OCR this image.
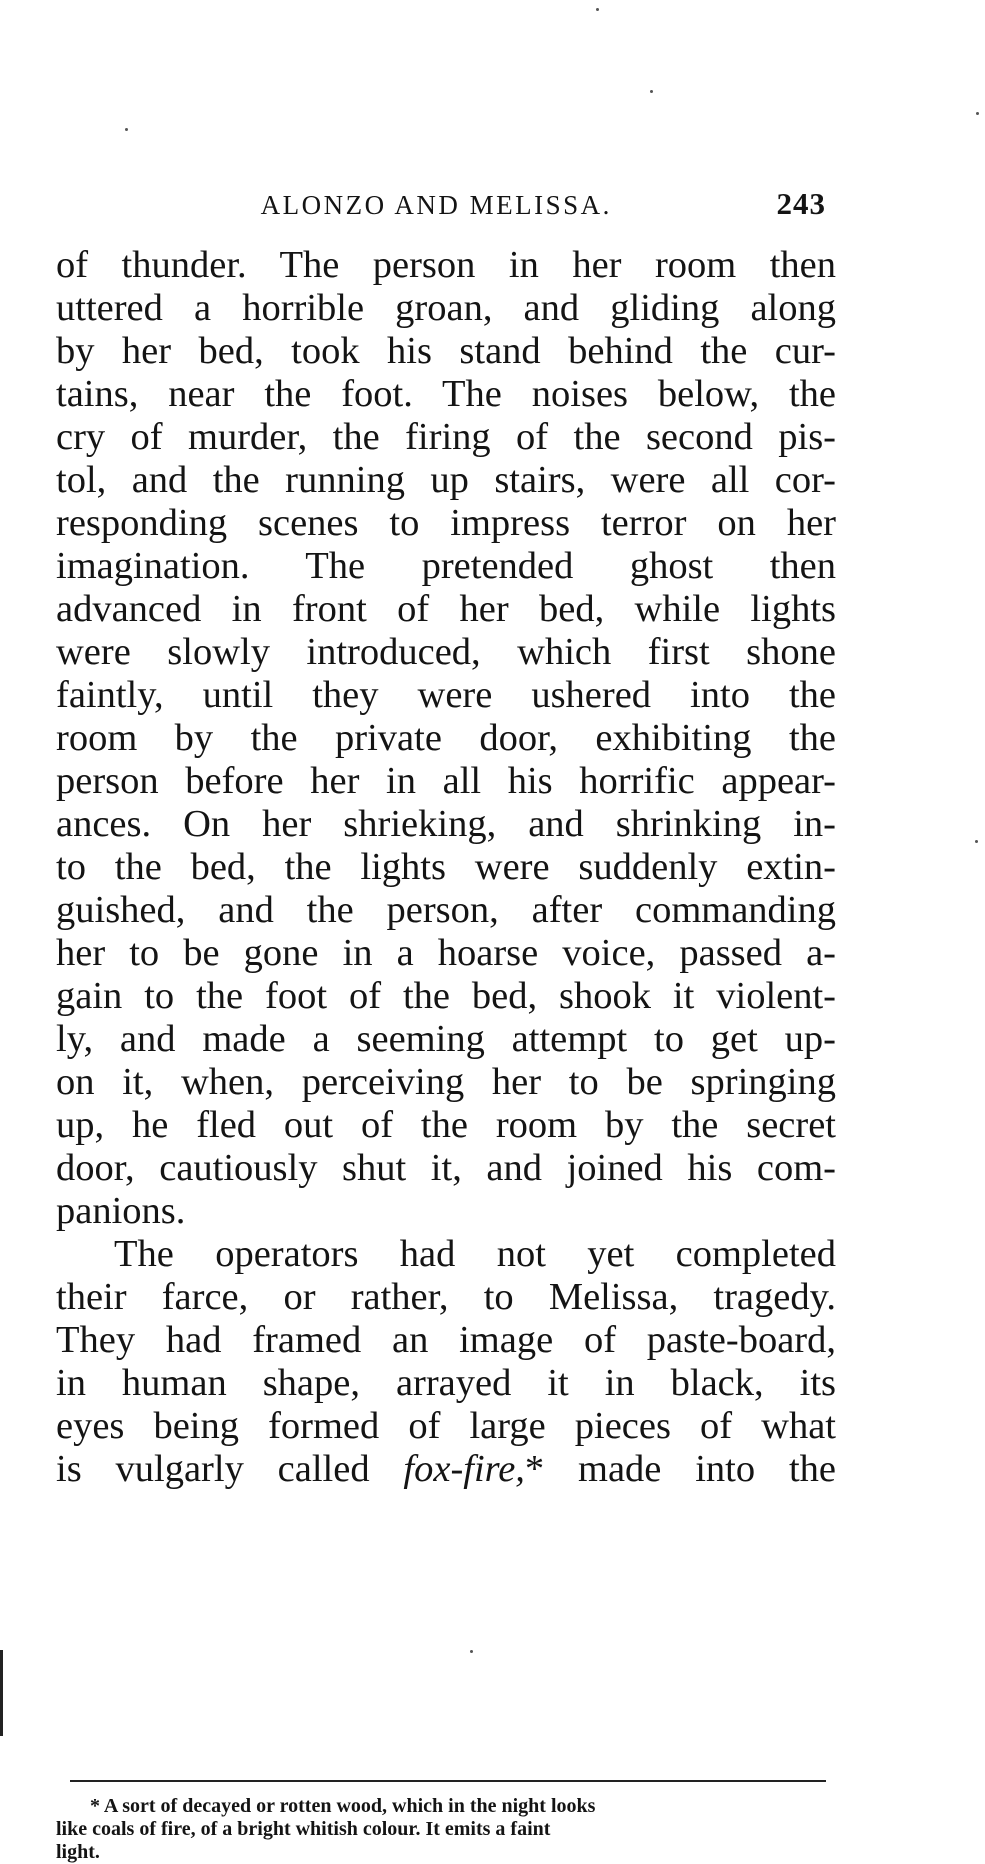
ALONZO AND MELISSA.	243
of thunder. The person in her room then
uttered a horrible groan, and gliding along
by her bed, took his stand behind the cur-
tains, near the foot. The noises below, the
cry of murder, the firing of the second pis-
tol, and the running up stairs, were all cor-
responding scenes to impress terror on her
imagination. The pretended ghost then
advanced in front of her bed, while lights
were slowly introduced, which first shone
faintly, until they were ushered into the
room by the private door, exhibiting the
person before her in all his horrific appear-
ances. On her shrieking, and shrinking in-
to the bed, the lights were suddenly extin-
guished, and the person, after commanding
her to be gone in a hoarse voice, passed a-
gain to the foot of the bed, shook it violent-
ly, and made a seeming attempt to get up-
on it, when, perceiving her to be springing
up, he fled out of the room by the secret
door, cautiously shut it, and joined his com-
panions.
The operators had not yet completed
their farce, or rather, to Melissa, tragedy.
They had framed an image of paste-board,
in human shape, arrayed it in black, its
eyes being formed of large pieces of what
is vulgarly called fox-fire,* made into the
* A sort of decayed or rotten wood, which in the night looks
like coals of fire, of a bright whitish colour. It emits a faint
light.
